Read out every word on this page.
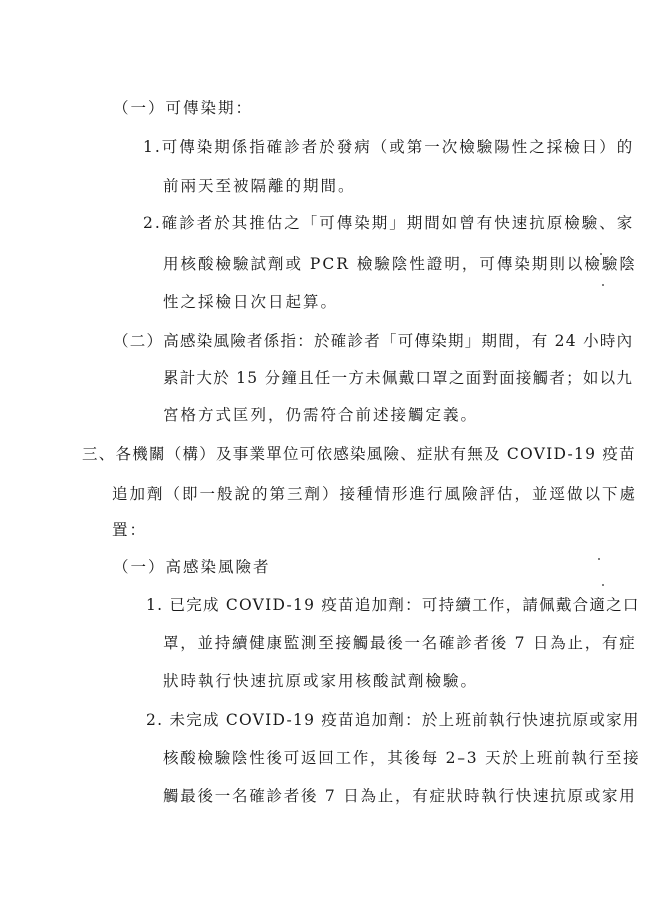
（一）可傳染期：
1.可傳染期係指確診者於發病（或第一次檢驗陽性之採檢日）的
前兩天至被隔離的期間。
2.確診者於其推估之「可傳染期」期間如曾有快速抗原檢驗、家
用核酸檢驗試劑或 PCR 檢驗陰性證明，可傳染期則以檢驗陰
性之採檢日次日起算。
（二）高感染風險者係指：於確診者「可傳染期」期間，有 24 小時內
累計大於 15 分鐘且任一方未佩戴口罩之面對面接觸者；如以九
宮格方式匡列，仍需符合前述接觸定義。
三、各機關（構）及事業單位可依感染風險、症狀有無及 COVID-19 疫苗
追加劑（即一般說的第三劑）接種情形進行風險評估，並逕做以下處
置：
（一）高感染風險者
1. 已完成 COVID-19 疫苗追加劑：可持續工作，請佩戴合適之口
罩，並持續健康監測至接觸最後一名確診者後 7 日為止，有症
狀時執行快速抗原或家用核酸試劑檢驗。
2. 未完成 COVID-19 疫苗追加劑：於上班前執行快速抗原或家用
核酸檢驗陰性後可返回工作，其後每 2–3 天於上班前執行至接
觸最後一名確診者後 7 日為止，有症狀時執行快速抗原或家用
